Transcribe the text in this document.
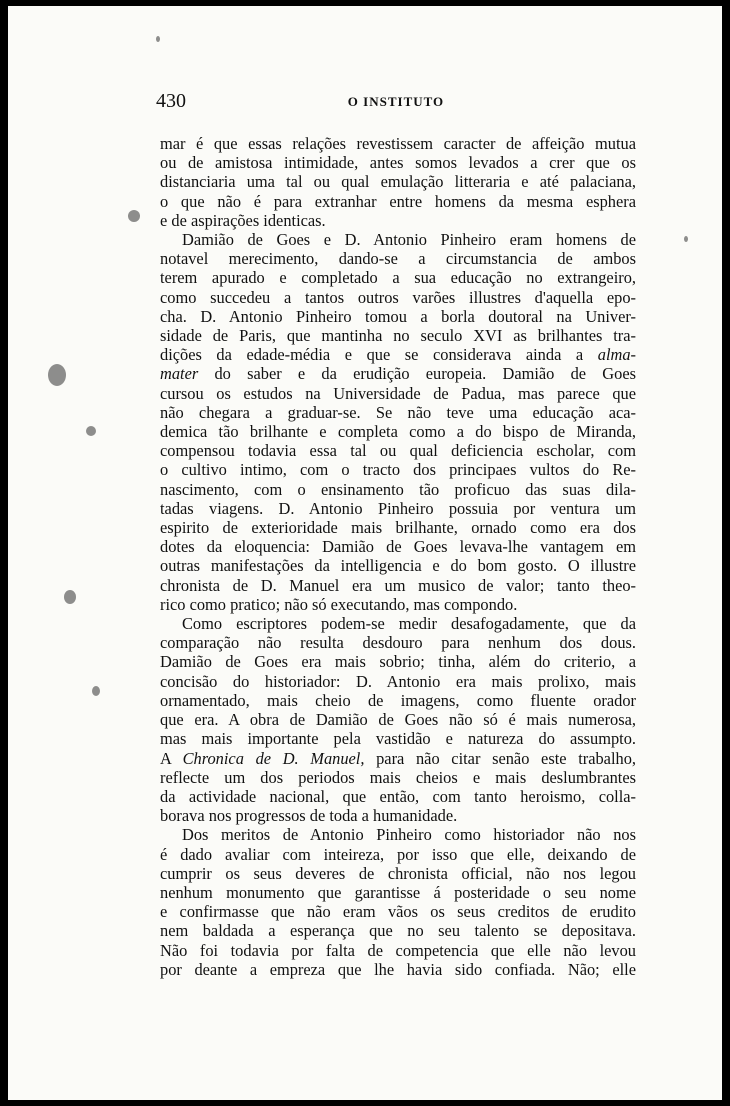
430	O INSTITUTO
mar é que essas relações revestissem caracter de affeição mutua
ou de amistosa intimidade, antes somos levados a crer que os
distanciaria uma tal ou qual emulação litteraria e até palaciana,
o que não é para extranhar entre homens da mesma esphera
e de aspirações identicas.
Damião de Goes e D. Antonio Pinheiro eram homens de
notavel merecimento, dando-se a circumstancia de ambos
terem apurado e completado a sua educação no extrangeiro,
como succedeu a tantos outros varões illustres d'aquella epo-
cha. D. Antonio Pinheiro tomou a borla doutoral na Univer-
sidade de Paris, que mantinha no seculo XVI as brilhantes tra-
dições da edade-média e que se considerava ainda a alma-
mater do saber e da erudição europeia. Damião de Goes
cursou os estudos na Universidade de Padua, mas parece que
não chegara a graduar-se. Se não teve uma educação aca-
demica tão brilhante e completa como a do bispo de Miranda,
compensou todavia essa tal ou qual deficiencia escholar, com
o cultivo intimo, com o tracto dos principaes vultos do Re-
nascimento, com o ensinamento tão proficuo das suas dila-
tadas viagens. D. Antonio Pinheiro possuia por ventura um
espirito de exterioridade mais brilhante, ornado como era dos
dotes da eloquencia: Damião de Goes levava-lhe vantagem em
outras manifestações da intelligencia e do bom gosto. O illustre
chronista de D. Manuel era um musico de valor; tanto theo-
rico como pratico; não só executando, mas compondo.
Como escriptores podem-se medir desafogadamente, que da
comparação não resulta desdouro para nenhum dos dous.
Damião de Goes era mais sobrio; tinha, além do criterio, a
concisão do historiador: D. Antonio era mais prolixo, mais
ornamentado, mais cheio de imagens, como fluente orador
que era. A obra de Damião de Goes não só é mais numerosa,
mas mais importante pela vastidão e natureza do assumpto.
A Chronica de D. Manuel, para não citar senão este trabalho,
reflecte um dos periodos mais cheios e mais deslumbrantes
da actividade nacional, que então, com tanto heroismo, colla-
borava nos progressos de toda a humanidade.
Dos meritos de Antonio Pinheiro como historiador não nos
é dado avaliar com inteireza, por isso que elle, deixando de
cumprir os seus deveres de chronista official, não nos legou
nenhum monumento que garantisse á posteridade o seu nome
e confirmasse que não eram vãos os seus creditos de erudito
nem baldada a esperança que no seu talento se depositava.
Não foi todavia por falta de competencia que elle não levou
por deante a empreza que lhe havia sido confiada. Não; elle
